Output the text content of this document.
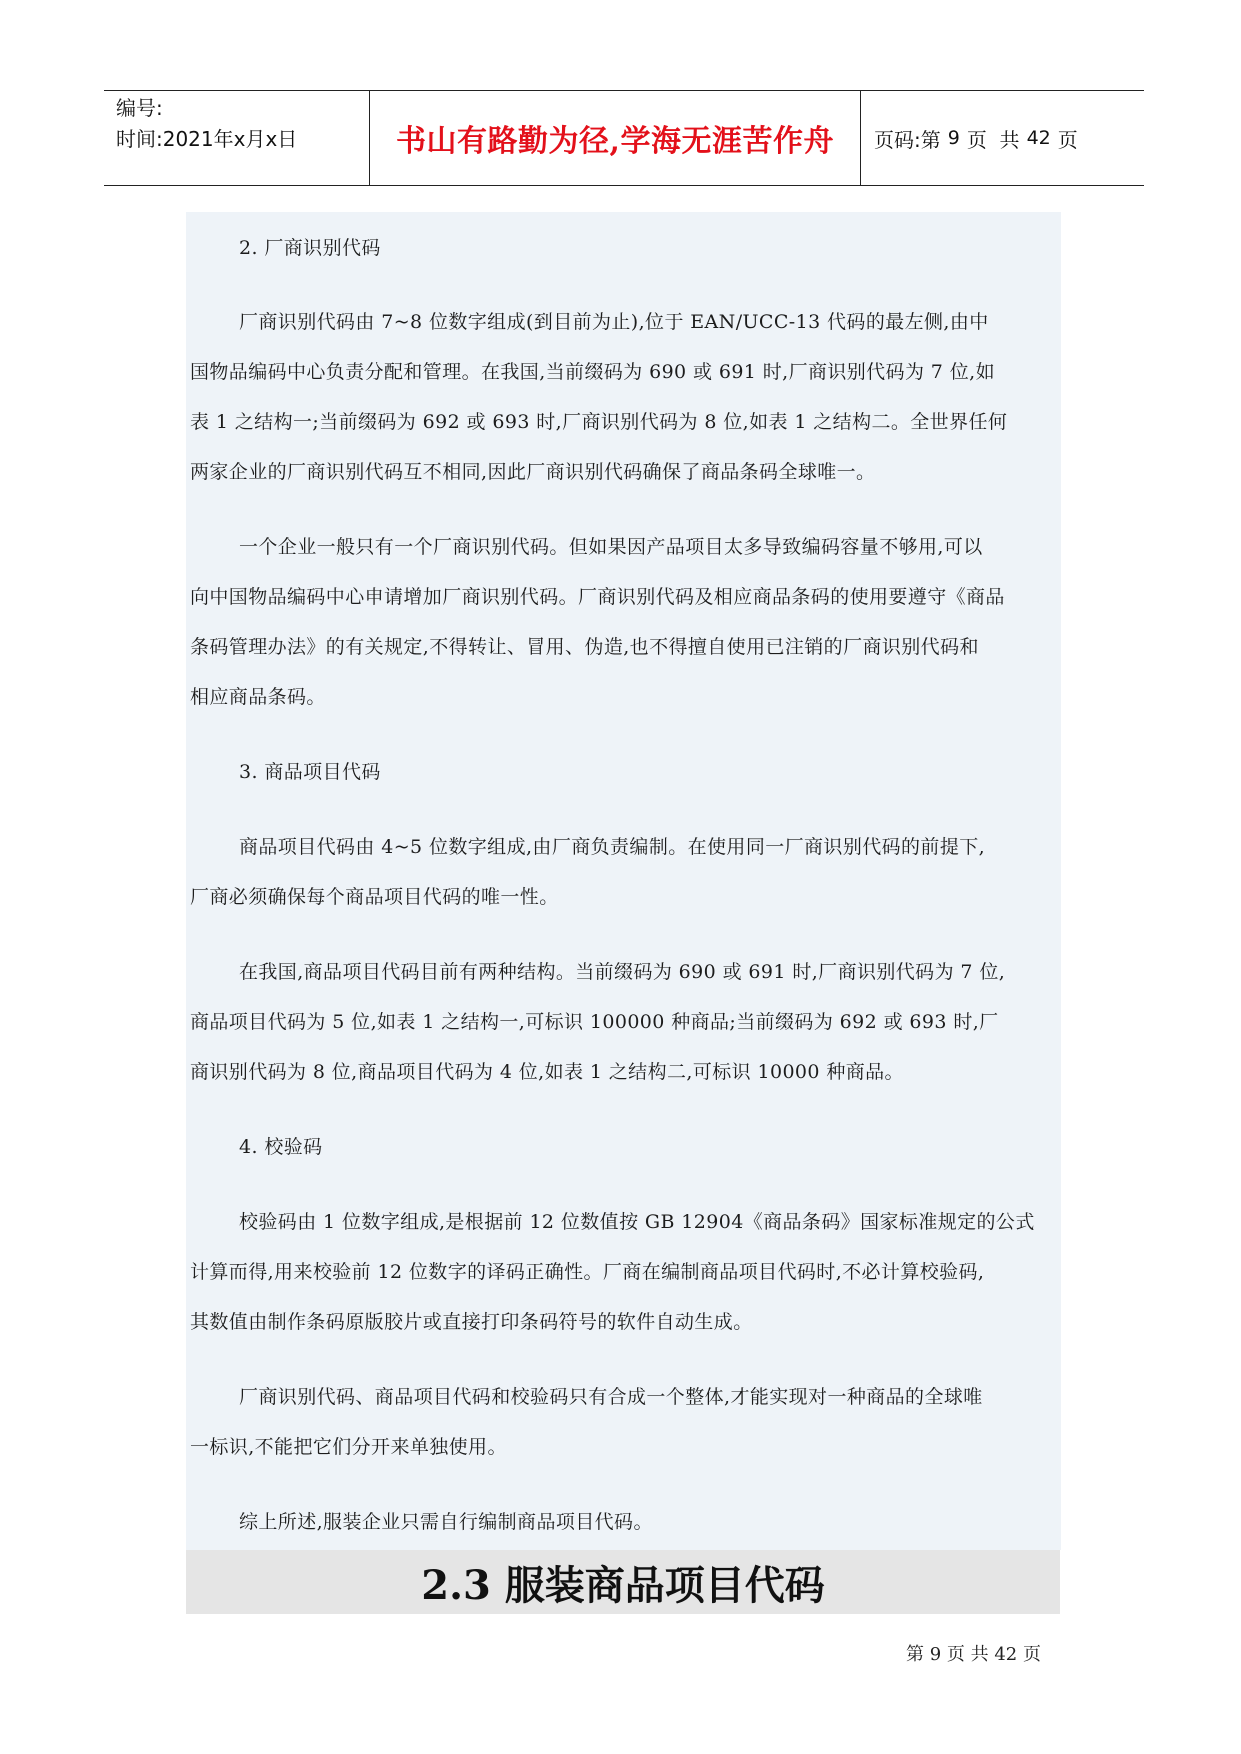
编号:
时间:2021年x月x日	书山有路勤为径,学海无涯苦作舟	页码:第 9 页  共 42 页
2. 厂商识别代码
厂商识别代码由 7~8 位数字组成(到目前为止),位于 EAN/UCC-13 代码的最左侧,由中
国物品编码中心负责分配和管理。在我国,当前缀码为 690 或 691 时,厂商识别代码为 7 位,如
表 1 之结构一;当前缀码为 692 或 693 时,厂商识别代码为 8 位,如表 1 之结构二。全世界任何
两家企业的厂商识别代码互不相同,因此厂商识别代码确保了商品条码全球唯一。
一个企业一般只有一个厂商识别代码。但如果因产品项目太多导致编码容量不够用,可以
向中国物品编码中心申请增加厂商识别代码。厂商识别代码及相应商品条码的使用要遵守《商品
条码管理办法》的有关规定,不得转让、冒用、伪造,也不得擅自使用已注销的厂商识别代码和
相应商品条码。
3. 商品项目代码
商品项目代码由 4~5 位数字组成,由厂商负责编制。在使用同一厂商识别代码的前提下,
厂商必须确保每个商品项目代码的唯一性。
在我国,商品项目代码目前有两种结构。当前缀码为 690 或 691 时,厂商识别代码为 7 位,
商品项目代码为 5 位,如表 1 之结构一,可标识 100000 种商品;当前缀码为 692 或 693 时,厂
商识别代码为 8 位,商品项目代码为 4 位,如表 1 之结构二,可标识 10000 种商品。
4. 校验码
校验码由 1 位数字组成,是根据前 12 位数值按 GB 12904《商品条码》国家标准规定的公式
计算而得,用来校验前 12 位数字的译码正确性。厂商在编制商品项目代码时,不必计算校验码,
其数值由制作条码原版胶片或直接打印条码符号的软件自动生成。
厂商识别代码、商品项目代码和校验码只有合成一个整体,才能实现对一种商品的全球唯
一标识,不能把它们分开来单独使用。
综上所述,服装企业只需自行编制商品项目代码。
2.3 服装商品项目代码
第 9 页 共 42 页
